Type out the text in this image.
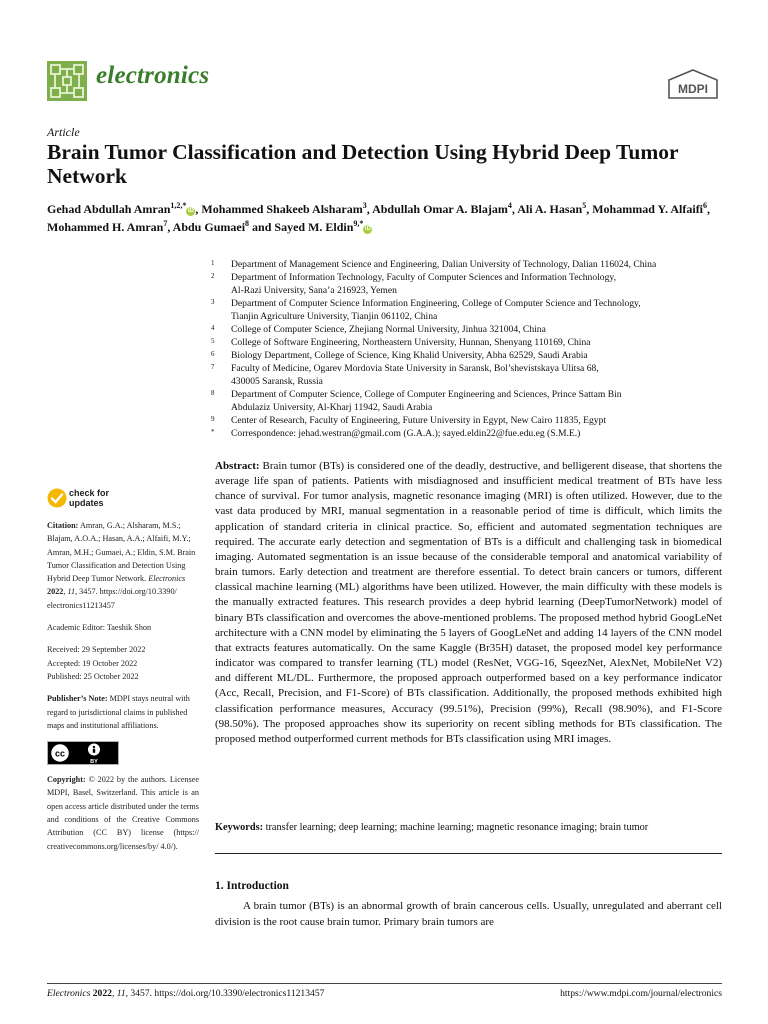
electronics	MDPI
Article
Brain Tumor Classification and Detection Using Hybrid Deep Tumor Network
Gehad Abdullah Amran$^{1,2,*}$iD , Mohammed Shakeeb Alsharam$^3$, Abdullah Omar A. Blajam$^4$, Ali A. Hasan$^5$, Mohammad Y. Alfaifi$^6$, Mohammed H. Amran$^7$, Abdu Gumaei$^8$ and Sayed M. Eldin$^{9,*}$iD
1	Department of Management Science and Engineering, Dalian University of Technology, Dalian 116024, China
2	Department of Information Technology, Faculty of Computer Sciences and Information Technology,
Al-Razi University, Sana’a 216923, Yemen
3	Department of Computer Science Information Engineering, College of Computer Science and Technology,
Tianjin Agriculture University, Tianjin 061102, China
4	College of Computer Science, Zhejiang Normal University, Jinhua 321004, China
5	College of Software Engineering, Northeastern University, Hunnan, Shenyang 110169, China
6	Biology Department, College of Science, King Khalid University, Abha 62529, Saudi Arabia
7	Faculty of Medicine, Ogarev Mordovia State University in Saransk, Bol’shevistskaya Ulitsa 68,
430005 Saransk, Russia
8	Department of Computer Science, College of Computer Engineering and Sciences, Prince Sattam Bin
Abdulaziz University, Al-Kharj 11942, Saudi Arabia
9	Center of Research, Faculty of Engineering, Future University in Egypt, New Cairo 11835, Egypt
*	Correspondence: jehad.westran@gmail.com (G.A.A.); sayed.eldin22@fue.edu.eg (S.M.E.)
check for
updates

Citation: Amran, G.A.; Alsharam, M.S.; Blajam, A.O.A.; Hasan, A.A.; Alfaifi, M.Y.; Amran, M.H.; Gumaei, A.; Eldin, S.M. Brain Tumor Classification and Detection Using Hybrid Deep Tumor Network. Electronics 2022, 11, 3457. https://doi.org/10.3390/ electronics11213457

Academic Editor: Taeshik Shon

Received: 29 September 2022
Accepted: 19 October 2022

Published: 25 October 2022

Publisher’s Note: MDPI stays neutral with regard to jurisdictional claims in published maps and institutional affiliations.

cc
BY

Copyright: © 2022 by the authors. Licensee MDPI, Basel, Switzerland. This article is an open access article distributed under the terms and conditions of the Creative Commons Attribution (CC BY) license (https:// creativecommons.org/licenses/by/ 4.0/).

Abstract: Brain tumor (BTs) is considered one of the deadly, destructive, and belligerent disease, that shortens the average life span of patients. Patients with misdiagnosed and insufficient medical treatment of BTs have less chance of survival. For tumor analysis, magnetic resonance imaging (MRI) is often utilized. However, due to the vast data produced by MRI, manual segmentation in a reasonable period of time is difficult, which limits the application of standard criteria in clinical practice. So, efficient and automated segmentation techniques are required. The accurate early detection and segmentation of BTs is a difficult and challenging task in biomedical imaging. Automated segmentation is an issue because of the considerable temporal and anatomical variability of brain tumors. Early detection and treatment are therefore essential. To detect brain cancers or tumors, different classical machine learning (ML) algorithms have been utilized. However, the main difficulty with these models is the manually extracted features. This research provides a deep hybrid learning (DeepTumorNetwork) model of binary BTs classification and overcomes the above-mentioned problems. The proposed method hybrid GoogLeNet architecture with a CNN model by eliminating the 5 layers of GoogLeNet and adding 14 layers of the CNN model that extracts features automatically. On the same Kaggle (Br35H) dataset, the proposed model key performance indicator was compared to transfer learning (TL) model (ResNet, VGG-16, SqeezNet, AlexNet, MobileNet V2) and different ML/DL. Furthermore, the proposed approach outperformed based on a key performance indicator (Acc, Recall, Precision, and F1-Score) of BTs classification. Additionally, the proposed methods exhibited high classification performance measures, Accuracy (99.51%), Precision (99%), Recall (98.90%), and F1-Score (98.50%). The proposed approaches show its superiority on recent sibling methods for BTs classification. The proposed method outperformed current methods for BTs classification using MRI images.

Keywords: transfer learning; deep learning; machine learning; magnetic resonance imaging; brain tumor

1. Introduction

A brain tumor (BTs) is an abnormal growth of brain cancerous cells. Usually, unregulated and aberrant cell division is the root cause brain tumor. Primary brain tumors are

Electronics 2022, 11, 3457. https://doi.org/10.3390/electronics11213457	https://www.mdpi.com/journal/electronics
